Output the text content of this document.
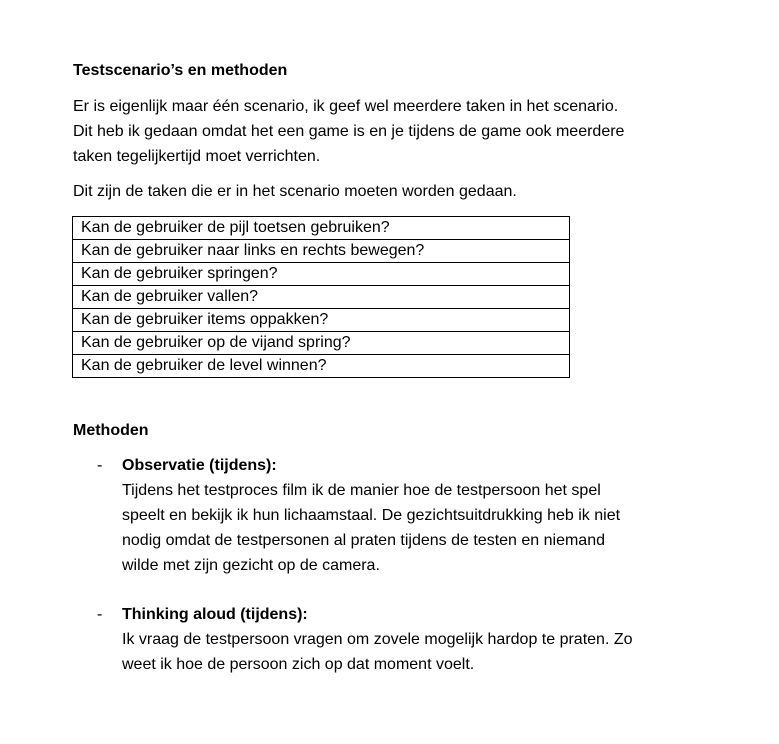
Testscenario’s en methoden
Er is eigenlijk maar één scenario, ik geef wel meerdere taken in het scenario.
Dit heb ik gedaan omdat het een game is en je tijdens de game ook meerdere
taken tegelijkertijd moet verrichten.
Dit zijn de taken die er in het scenario moeten worden gedaan.
Kan de gebruiker de pijl toetsen gebruiken?
Kan de gebruiker naar links en rechts bewegen?
Kan de gebruiker springen?
Kan de gebruiker vallen?
Kan de gebruiker items oppakken?
Kan de gebruiker op de vijand spring?
Kan de gebruiker de level winnen?
Methoden
- Observatie (tijdens):
Tijdens het testproces film ik de manier hoe de testpersoon het spel
speelt en bekijk ik hun lichaamstaal. De gezichtsuitdrukking heb ik niet
nodig omdat de testpersonen al praten tijdens de testen en niemand
wilde met zijn gezicht op de camera.
- Thinking aloud (tijdens):
Ik vraag de testpersoon vragen om zovele mogelijk hardop te praten. Zo
weet ik hoe de persoon zich op dat moment voelt.
